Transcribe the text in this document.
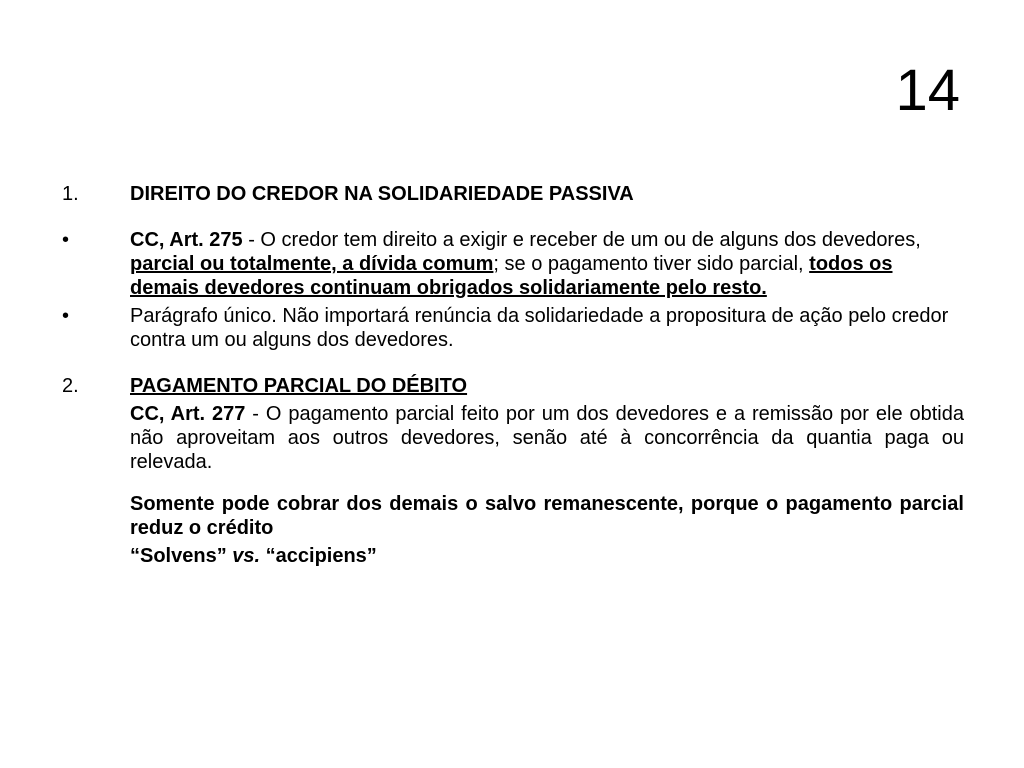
14
1.	DIREITO DO CREDOR NA SOLIDARIEDADE PASSIVA
•	CC, Art. 275 - O credor tem direito a exigir e receber de um ou de alguns dos devedores, parcial ou totalmente, a dívida comum; se o pagamento tiver sido parcial, todos os demais devedores continuam obrigados solidariamente pelo resto.
•	Parágrafo único. Não importará renúncia da solidariedade a propositura de ação pelo credor contra um ou alguns dos devedores.
2.	PAGAMENTO PARCIAL DO DÉBITO
CC, Art. 277 - O pagamento parcial feito por um dos devedores e a remissão por ele obtida não aproveitam aos outros devedores, senão até à concorrência da quantia paga ou relevada.
Somente pode cobrar dos demais o salvo remanescente, porque o pagamento parcial reduz o crédito
“Solvens” vs. “accipiens”
